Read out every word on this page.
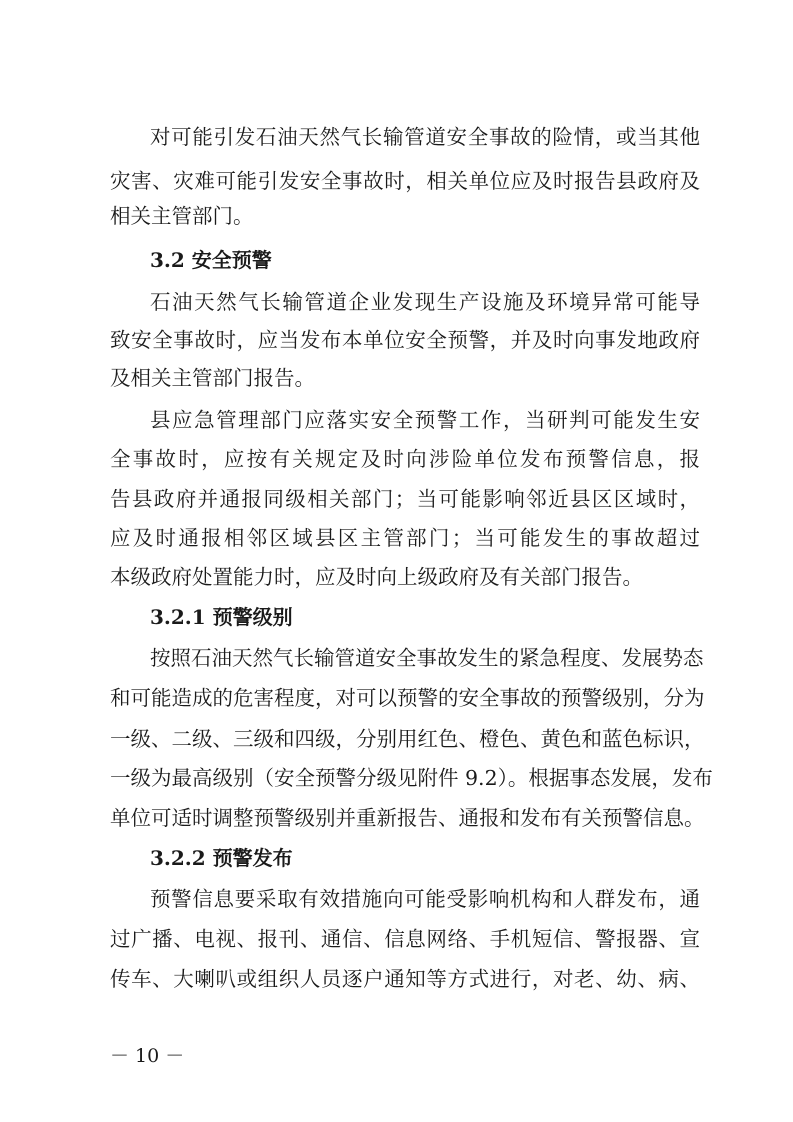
对可能引发石油天然气长输管道安全事故的险情，或当其他
灾害、灾难可能引发安全事故时，相关单位应及时报告县政府及
相关主管部门。
3.2 安全预警
石油天然气长输管道企业发现生产设施及环境异常可能导
致安全事故时，应当发布本单位安全预警，并及时向事发地政府
及相关主管部门报告。
县应急管理部门应落实安全预警工作，当研判可能发生安
全事故时，应按有关规定及时向涉险单位发布预警信息，报
告县政府并通报同级相关部门；当可能影响邻近县区区域时，
应及时通报相邻区域县区主管部门；当可能发生的事故超过
本级政府处置能力时，应及时向上级政府及有关部门报告。
3.2.1 预警级别
按照石油天然气长输管道安全事故发生的紧急程度、发展势态
和可能造成的危害程度，对可以预警的安全事故的预警级别，分为
一级、二级、三级和四级，分别用红色、橙色、黄色和蓝色标识，
一级为最高级别（安全预警分级见附件 9.2）。根据事态发展，发布
单位可适时调整预警级别并重新报告、通报和发布有关预警信息。
3.2.2 预警发布
预警信息要采取有效措施向可能受影响机构和人群发布，通
过广播、电视、报刊、通信、信息网络、手机短信、警报器、宣
传车、大喇叭或组织人员逐户通知等方式进行，对老、幼、病、
－ 10 －
